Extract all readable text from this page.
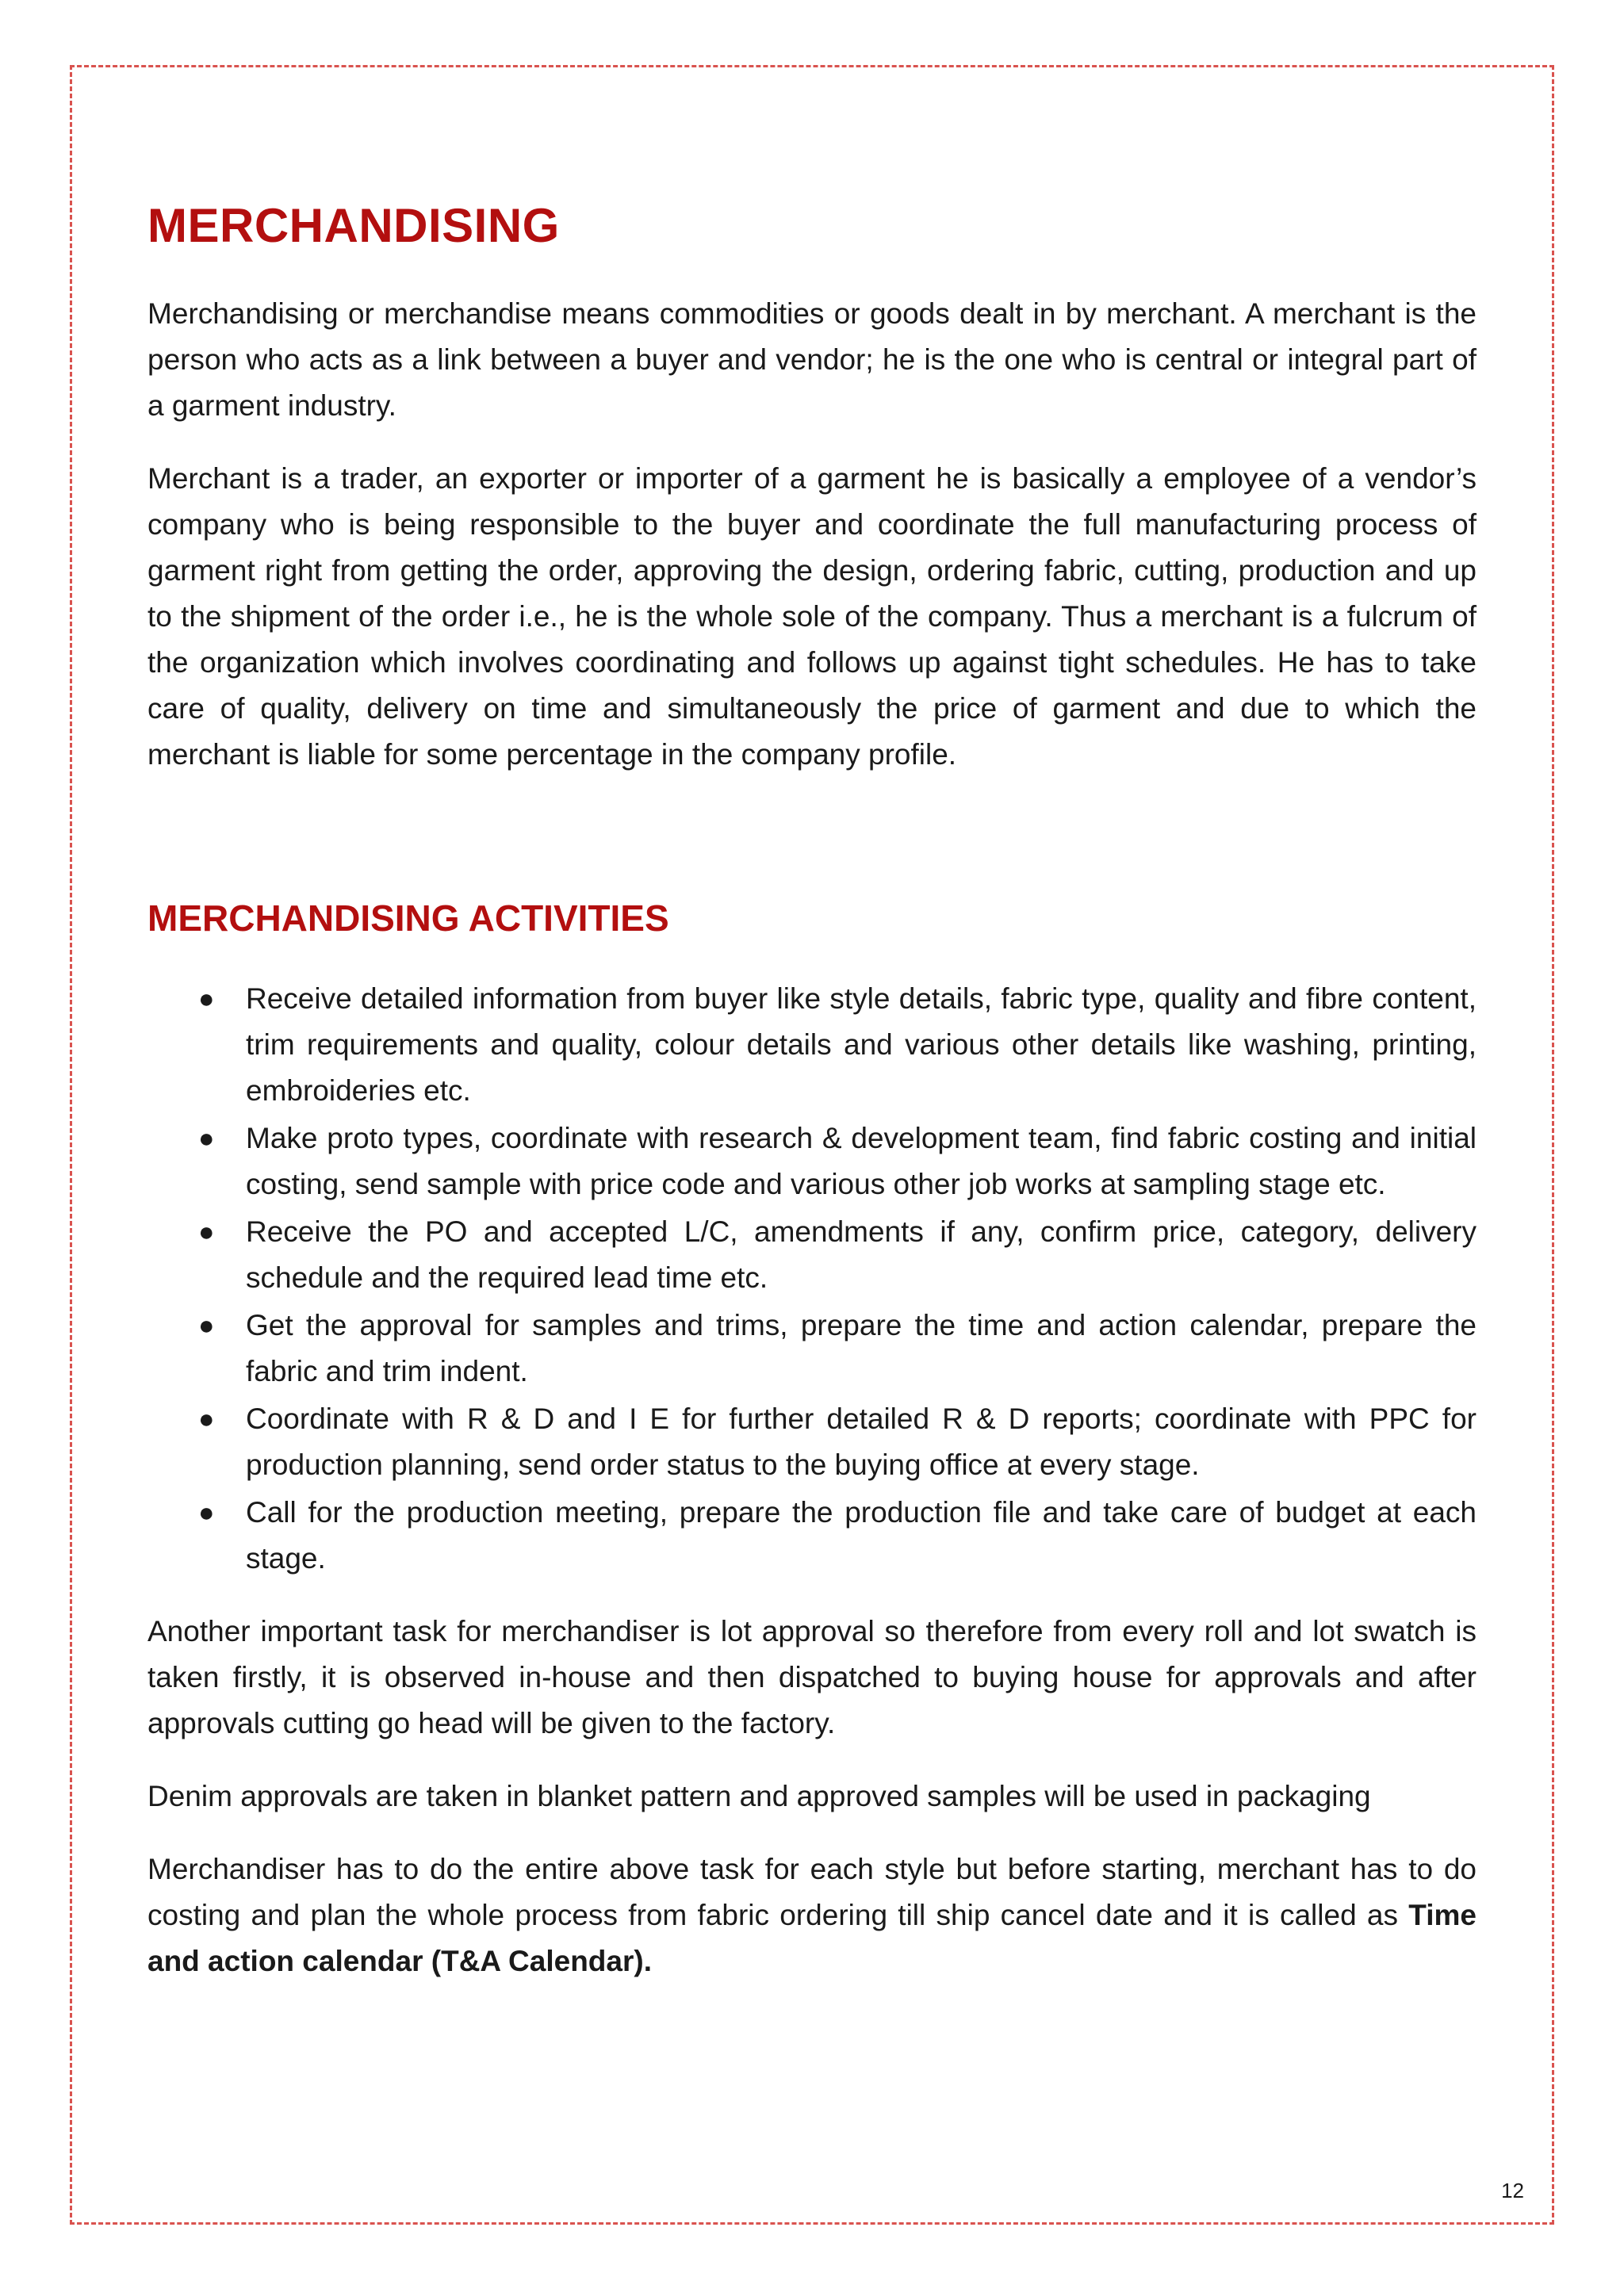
MERCHANDISING

Merchandising or merchandise means commodities or goods dealt in by merchant. A merchant is the person who acts as a link between a buyer and vendor; he is the one who is central or integral part of a garment industry.

Merchant is a trader, an exporter or importer of a garment he is basically a employee of a vendor’s company who is being responsible to the buyer and coordinate the full manufacturing process of garment right from getting the order, approving the design, ordering fabric, cutting, production and up to the shipment of the order i.e., he is the whole sole of the company. Thus a merchant is a fulcrum of the organization which involves coordinating and follows up against tight schedules. He has to take care of quality, delivery on time and simultaneously the price of garment and due to which the merchant is liable for some percentage in the company profile.

MERCHANDISING ACTIVITIES
● Receive detailed information from buyer like style details, fabric type, quality and fibre content, trim requirements and quality, colour details and various other details like washing, printing, embroideries etc.
● Make proto types, coordinate with research & development team, find fabric costing and initial costing, send sample with price code and various other job works at sampling stage etc.
● Receive the PO and accepted L/C, amendments if any, confirm price, category, delivery schedule and the required lead time etc.
● Get the approval for samples and trims, prepare the time and action calendar, prepare the fabric and trim indent.
● Coordinate with R & D and I E for further detailed R & D reports; coordinate with PPC for production planning, send order status to the buying office at every stage.
● Call for the production meeting, prepare the production file and take care of budget at each stage.

Another important task for merchandiser is lot approval so therefore from every roll and lot swatch is taken firstly, it is observed in-house and then dispatched to buying house for approvals and after approvals cutting go head will be given to the factory.

Denim approvals are taken in blanket pattern and approved samples will be used in packaging

Merchandiser has to do the entire above task for each style but before starting, merchant has to do costing and plan the whole process from fabric ordering till ship cancel date and it is called as Time and action calendar (T&A Calendar).

12
